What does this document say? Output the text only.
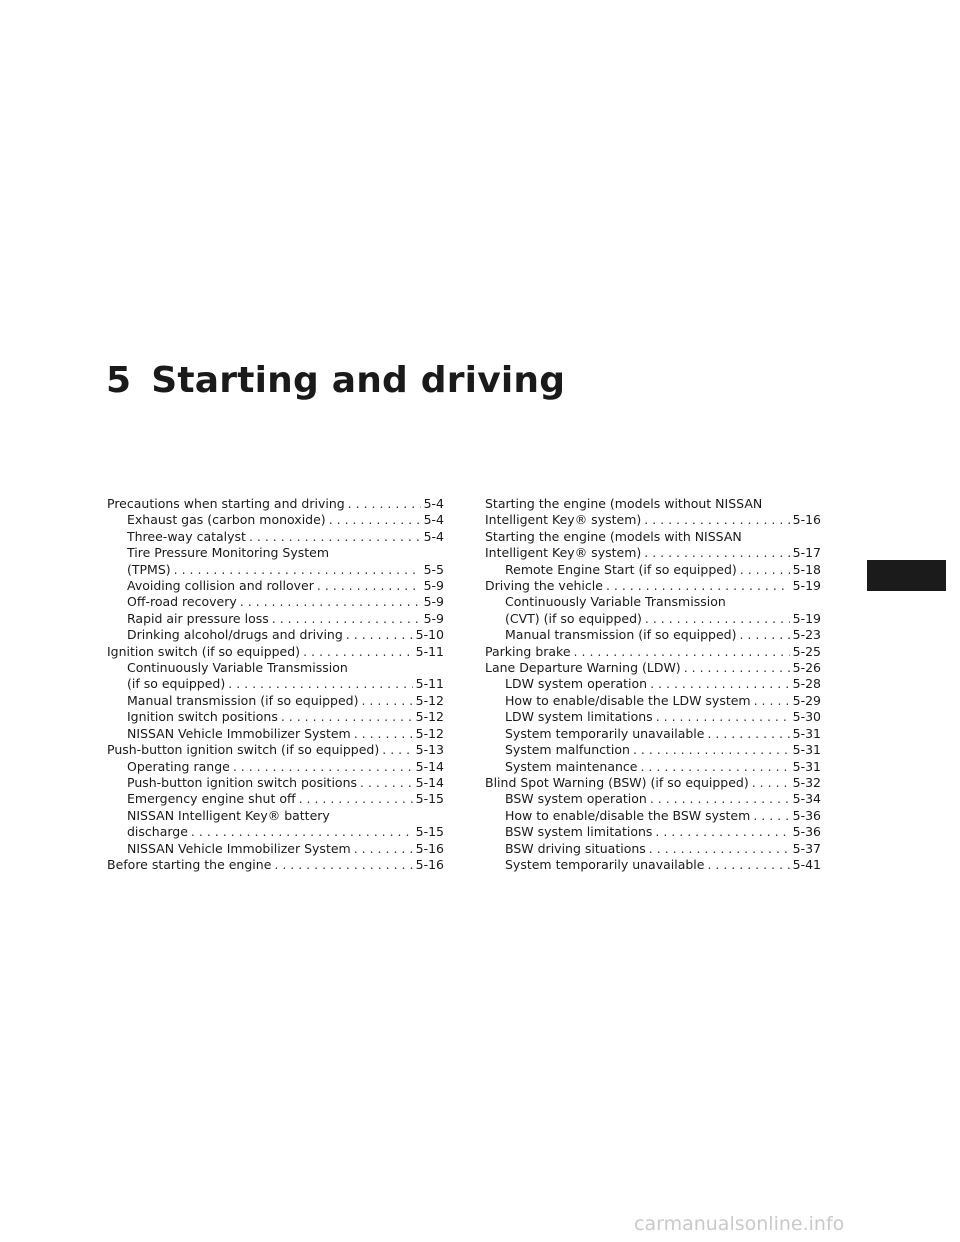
5 Starting and driving
Precautions when starting and driving . . .	5-4
Exhaust gas (carbon monoxide) . . .	5-4
Three-way catalyst . . .	5-4
Tire Pressure Monitoring System
(TPMS) . . .	5-5
Avoiding collision and rollover . . .	5-9
Off-road recovery . . .	5-9
Rapid air pressure loss . . .	5-9
Drinking alcohol/drugs and driving . . .	5-10
Ignition switch (if so equipped) . . .	5-11
Continuously Variable Transmission
(if so equipped) . . .	5-11
Manual transmission (if so equipped) . . .	5-12
Ignition switch positions . . .	5-12
NISSAN Vehicle Immobilizer System . . .	5-12
Push-button ignition switch (if so equipped) . . .	5-13
Operating range . . .	5-14
Push-button ignition switch positions . . .	5-14
Emergency engine shut off . . .	5-15
NISSAN Intelligent Key® battery
discharge . . .	5-15
NISSAN Vehicle Immobilizer System . . .	5-16
Before starting the engine . . .	5-16
Starting the engine (models without NISSAN
Intelligent Key® system) . . .	5-16
Starting the engine (models with NISSAN
Intelligent Key® system) . . .	5-17
Remote Engine Start (if so equipped) . . .	5-18
Driving the vehicle . . .	5-19
Continuously Variable Transmission
(CVT) (if so equipped) . . .	5-19
Manual transmission (if so equipped) . . .	5-23
Parking brake . . .	5-25
Lane Departure Warning (LDW) . . .	5-26
LDW system operation . . .	5-28
How to enable/disable the LDW system . . .	5-29
LDW system limitations . . .	5-30
System temporarily unavailable . . .	5-31
System malfunction . . .	5-31
System maintenance . . .	5-31
Blind Spot Warning (BSW) (if so equipped) . . .	5-32
BSW system operation . . .	5-34
How to enable/disable the BSW system . . .	5-36
BSW system limitations . . .	5-36
BSW driving situations . . .	5-37
System temporarily unavailable . . .	5-41
carmanualsonline.info
